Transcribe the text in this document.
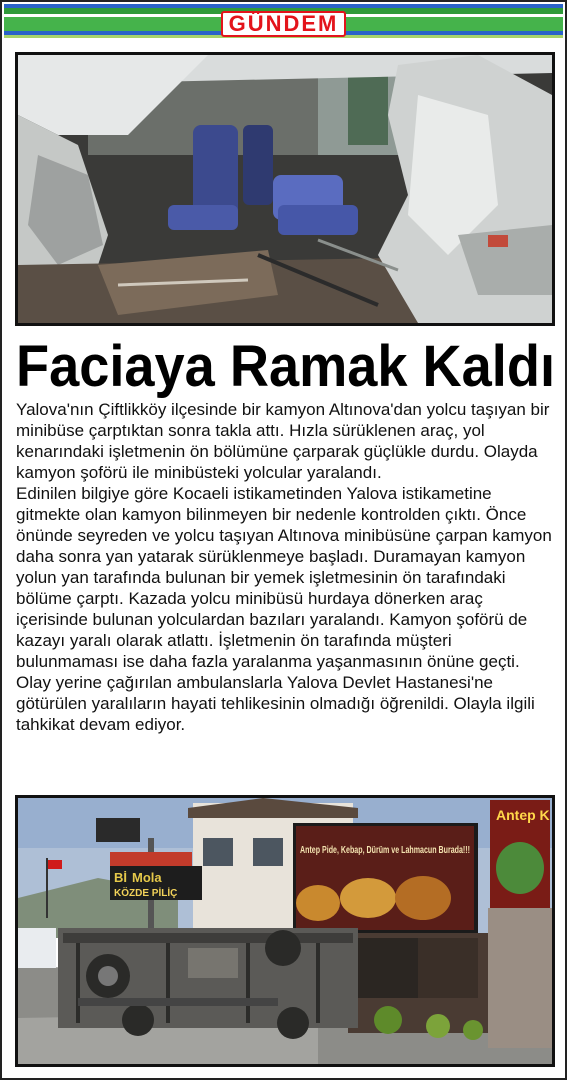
GÜNDEM
Faciaya Ramak Kaldı

Yalova'nın Çiftlikköy ilçesinde bir kamyon Altınova'dan yolcu taşıyan bir minibüse çarptıktan sonra takla attı. Hızla sürüklenen araç, yol kenarındaki işletmenin ön bölümüne çarparak güçlükle durdu. Olayda kamyon şoförü ile minibüsteki yolcular yaralandı.

Edinilen bilgiye göre Kocaeli istikametinden Yalova istikametine gitmekte olan kamyon bilinmeyen bir nedenle kontrolden çıktı. Önce önünde seyreden ve yolcu taşıyan Altınova minibüsüne çarpan kamyon daha sonra yan yatarak sürüklenmeye başladı. Duramayan kamyon yolun yan tarafında bulunan bir yemek işletmesinin ön tarafındaki bölüme çarptı. Kazada yolcu minibüsü hurdaya dönerken araç içerisinde bulunan yolculardan bazıları yaralandı. Kamyon şoförü de kazayı yaralı olarak atlattı. İşletmenin ön tarafında müşteri bulunmaması ise daha fazla yaralanma yaşanmasının önüne geçti. Olay yerine çağırılan ambulanslarla Yalova Devlet Hastanesi'ne götürülen yaralıların hayati tehlikesinin olmadığı öğrenildi. Olayla ilgili tahkikat devam ediyor.

Bİ Mola
KÖZDE PİLİÇ
Antep Pide, Kebap, Dürüm ve Lahmacun Burada!!!
Antep K
